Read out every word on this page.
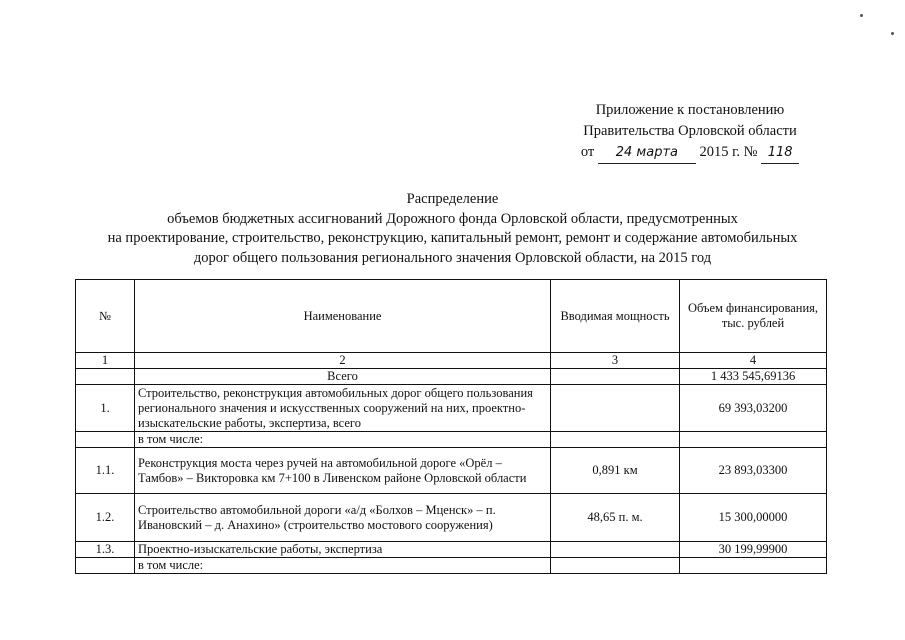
Приложение к постановлению
Правительства Орловской области
от 24 марта 2015 г. № 118
Распределение
объемов бюджетных ассигнований Дорожного фонда Орловской области, предусмотренных
на проектирование, строительство, реконструкцию, капитальный ремонт, ремонт и содержание автомобильных
дорог общего пользования регионального значения Орловской области, на 2015 год
№	Наименование	Вводимая мощность	Объем финансирования, тыс. рублей
1	2	3	4
	Всего		1 433 545,69136
1.	Строительство, реконструкция автомобильных дорог общего пользования регионального значения и искусственных сооружений на них, проектно-изыскательские работы, экспертиза, всего		69 393,03200
	в том числе:		
1.1.	Реконструкция моста через ручей на автомобильной дороге «Орёл – Тамбов» – Викторовка км 7+100 в Ливенском районе Орловской области	0,891 км	23 893,03300
1.2.	Строительство автомобильной дороги «а/д «Болхов – Мценск» – п. Ивановский – д. Анахино» (строительство мостового сооружения)	48,65 п. м.	15 300,00000
1.3.	Проектно-изыскательские работы, экспертиза		30 199,99900
	в том числе:		
